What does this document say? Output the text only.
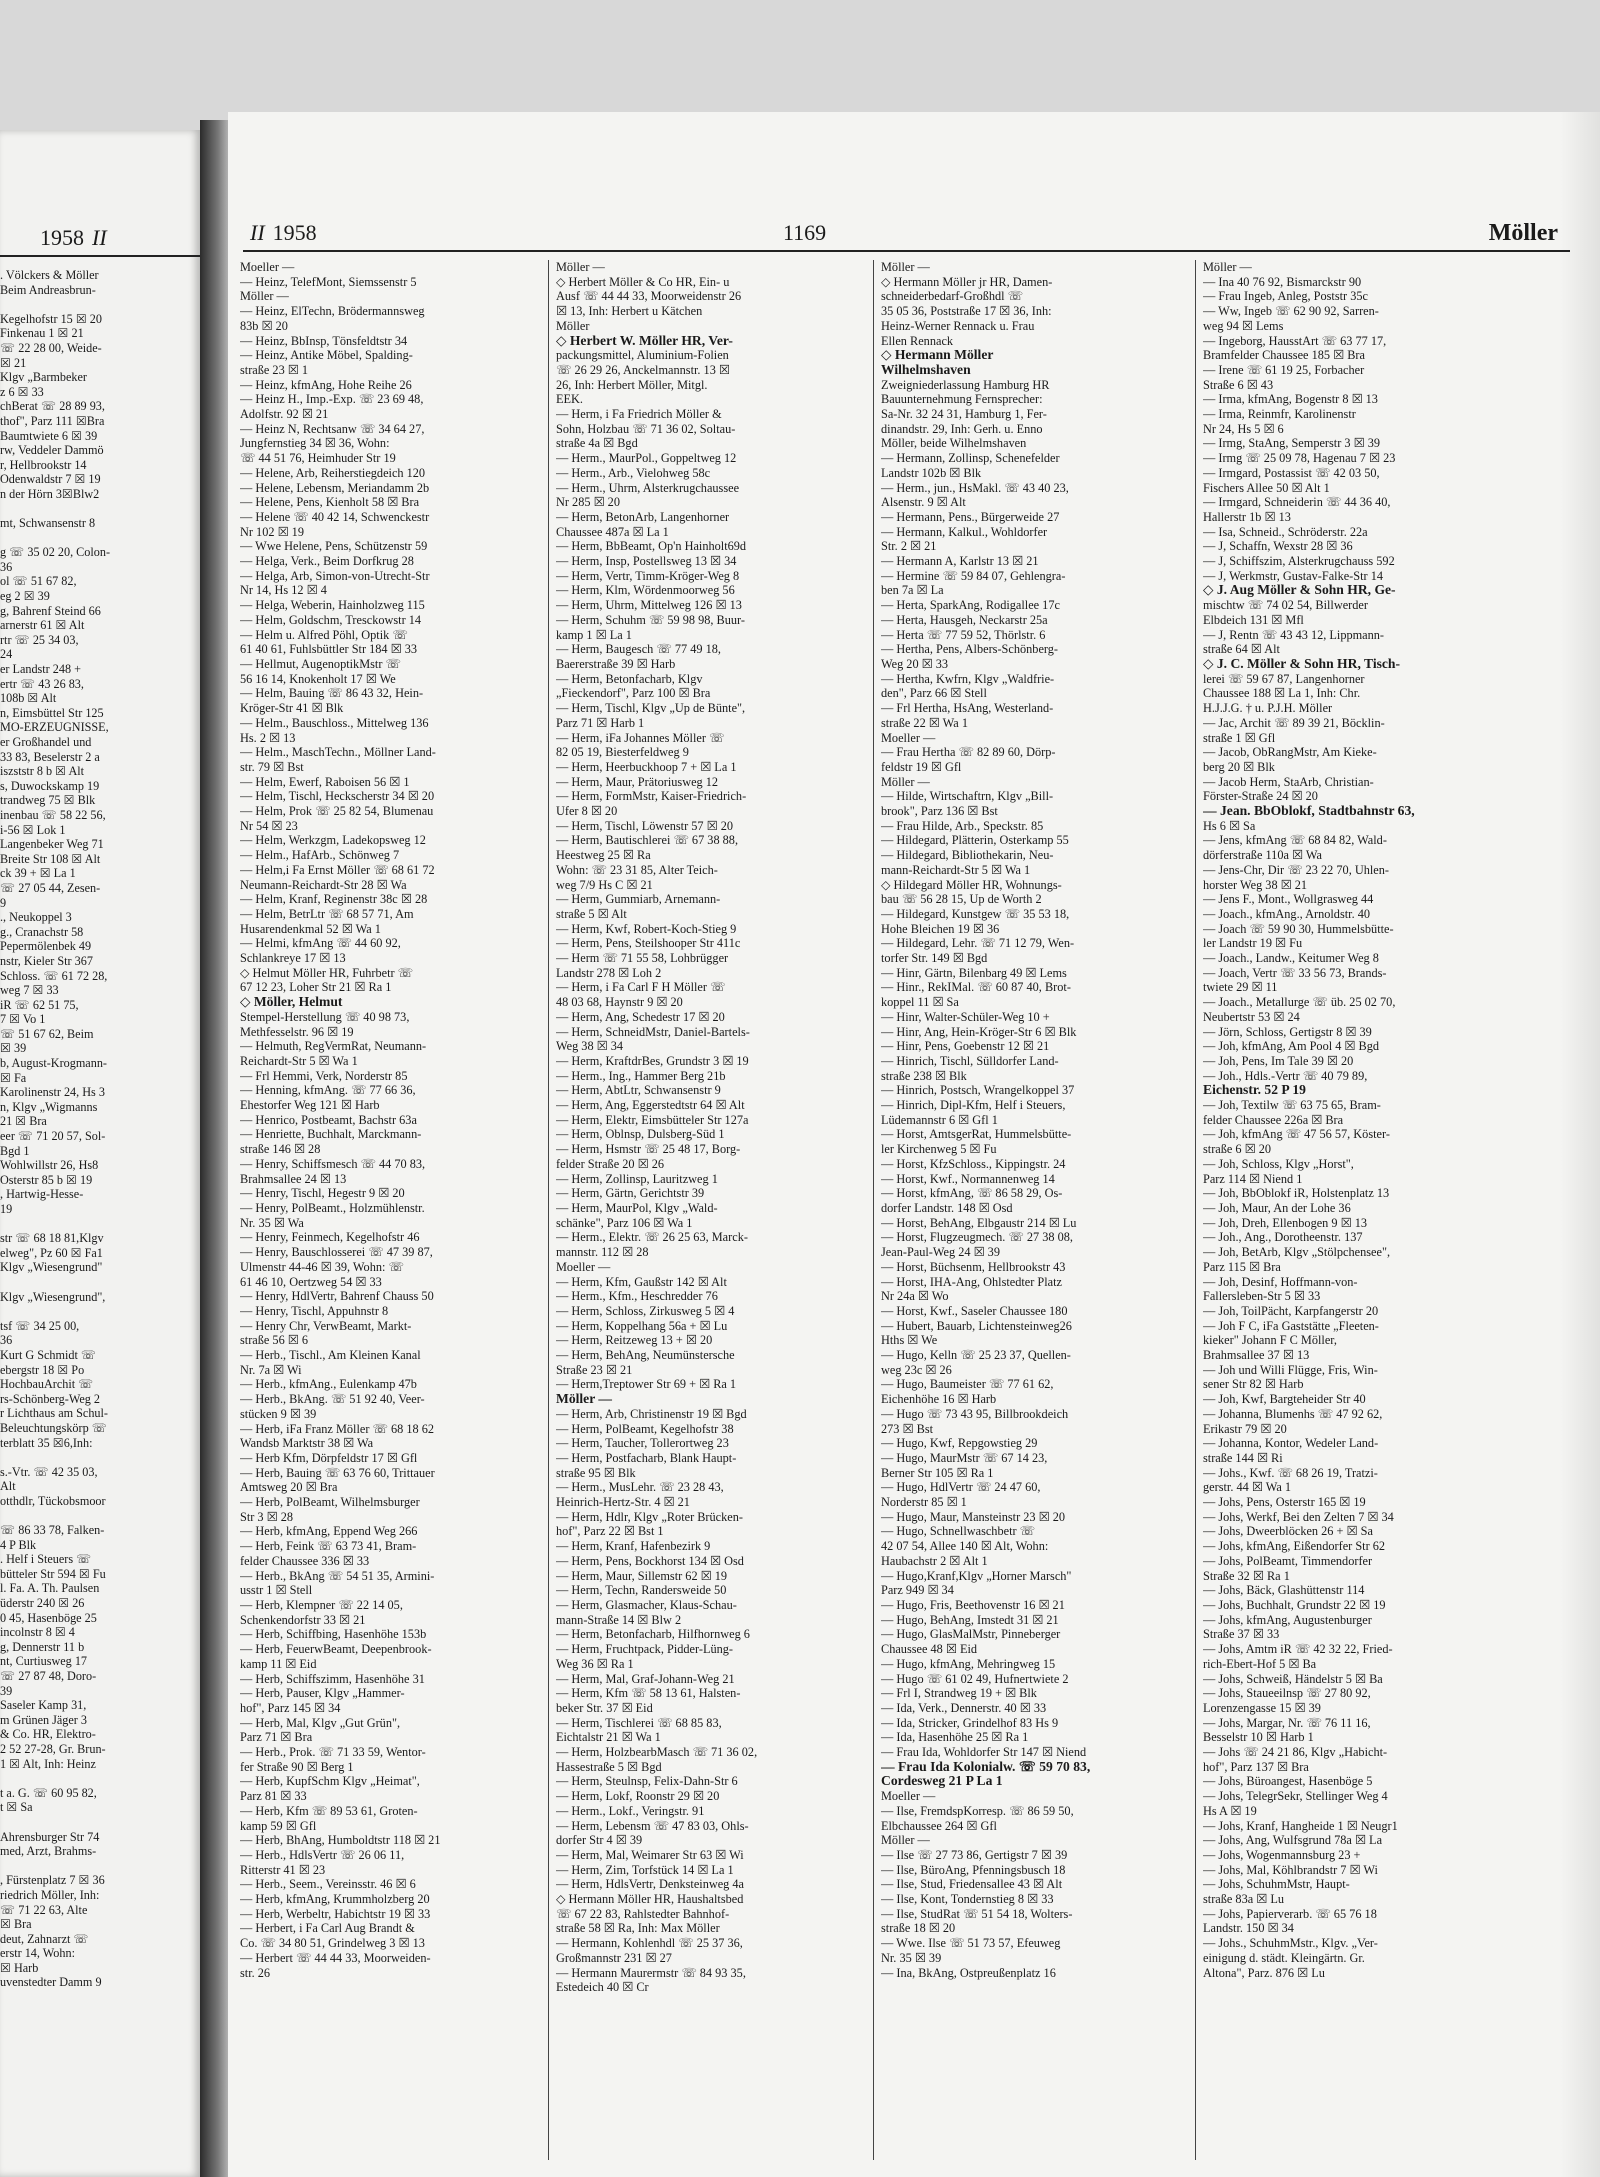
1958 II
. Völckers & Möller
Beim Andreasbrun-

Kegelhofstr 15 ☒ 20
Finkenau 1 ☒ 21
☏ 22 28 00, Weide-
☒ 21
Klgv „Barmbeker
z 6 ☒ 33
chBerat ☏ 28 89 93,
thof", Parz 111 ☒Bra
Baumtwiete 6 ☒ 39
rw, Veddeler Dammö
r, Hellbrookstr 14
Odenwaldstr 7 ☒ 19
n der Hörn 3☒Blw2

mt, Schwansenstr 8

g ☏ 35 02 20, Colon-
36
ol ☏ 51 67 82,
eg 2 ☒ 39
g, Bahrenf Steind 66
arnerstr 61 ☒ Alt
rtr ☏ 25 34 03,
24
er Landstr 248 +
ertr ☏ 43 26 83,
108b ☒ Alt
n, Eimsbüttel Str 125
MO-ERZEUGNISSE,
er Großhandel und
33 83, Beselerstr 2 a
iszststr 8 b ☒ Alt
s, Duwockskamp 19
trandweg 75 ☒ Blk
inenbau ☏ 58 22 56,
i-56 ☒ Lok 1
Langenbeker Weg 71
Breite Str 108 ☒ Alt
ck 39 + ☒ La 1
☏ 27 05 44, Zesen-
9
., Neukoppel 3
g., Cranachstr 58
Pepermölenbek 49
nstr, Kieler Str 367
Schloss. ☏ 61 72 28,
weg 7 ☒ 33
iR ☏ 62 51 75,
7 ☒ Vo 1
☏ 51 67 62, Beim
☒ 39
b, August-Krogmann-
☒ Fa
Karolinenstr 24, Hs 3
n, Klgv „Wigmanns
21 ☒ Bra
eer ☏ 71 20 57, Sol-
Bgd 1
Wohlwillstr 26, Hs8
Osterstr 85 b ☒ 19
, Hartwig-Hesse-
19

str ☏ 68 18 81,Klgv
elweg", Pz 60 ☒ Fa1
Klgv „Wiesengrund"

Klgv „Wiesengrund",

tsf ☏ 34 25 00,
36
Kurt G Schmidt ☏
ebergstr 18 ☒ Po
HochbauArchit ☏
rs-Schönberg-Weg 2
r Lichthaus am Schul-
Beleuchtungskörp ☏
terblatt 35 ☒6,Inh:

s.-Vtr. ☏ 42 35 03,
Alt
otthdlr, Tückobsmoor

☏ 86 33 78, Falken-
4 P Blk
. Helf i Steuers ☏
bütteler Str 594 ☒ Fu
l. Fa. A. Th. Paulsen
üderstr 240 ☒ 26
0 45, Hasenböge 25
incolnstr 8 ☒ 4
g, Dennerstr 11 b
nt, Curtiusweg 17
☏ 27 87 48, Doro-
39
Saseler Kamp 31,
m Grünen Jäger 3
& Co. HR, Elektro-
2 52 27-28, Gr. Brun-
1 ☒ Alt, Inh: Heinz

t a. G. ☏ 60 95 82,
t ☒ Sa

Ahrensburger Str 74
med, Arzt, Brahms-

, Fürstenplatz 7 ☒ 36
riedrich Möller, Inh:
☏ 71 22 63, Alte
☒ Bra
deut, Zahnarzt ☏
erstr 14, Wohn:
☒ Harb
uvenstedter Damm 9
II 1958	1169	Möller
Moeller —
— Heinz, TelefMont, Siemssenstr 5
Möller —
— Heinz, ElTechn, Brödermannsweg
83b ☒ 20
— Heinz, BbInsp, Tönsfeldtstr 34
— Heinz, Antike Möbel, Spalding-
straße 23 ☒ 1
— Heinz, kfmAng, Hohe Reihe 26
— Heinz H., Imp.-Exp. ☏ 23 69 48,
Adolfstr. 92 ☒ 21
— Heinz N, Rechtsanw ☏ 34 64 27,
Jungfernstieg 34 ☒ 36, Wohn:
☏ 44 51 76, Heimhuder Str 19
— Helene, Arb, Reiherstiegdeich 120
— Helene, Lebensm, Meriandamm 2b
— Helene, Pens, Kienholt 58 ☒ Bra
— Helene ☏ 40 42 14, Schwenckestr
Nr 102 ☒ 19
— Wwe Helene, Pens, Schützenstr 59
— Helga, Verk., Beim Dorfkrug 28
— Helga, Arb, Simon-von-Utrecht-Str
Nr 14, Hs 12 ☒ 4
— Helga, Weberin, Hainholzweg 115
— Helm, Goldschm, Tresckowstr 14
— Helm u. Alfred Pöhl, Optik ☏
61 40 61, Fuhlsbüttler Str 184 ☒ 33
— Hellmut, AugenoptikMstr ☏
56 16 14, Knokenholt 17 ☒ We
— Helm, Bauing ☏ 86 43 32, Hein-
Kröger-Str 41 ☒ Blk
— Helm., Bauschloss., Mittelweg 136
Hs. 2 ☒ 13
— Helm., MaschTechn., Möllner Land-
str. 79 ☒ Bst
— Helm, Ewerf, Raboisen 56 ☒ 1
— Helm, Tischl, Heckscherstr 34 ☒ 20
— Helm, Prok ☏ 25 82 54, Blumenau
Nr 54 ☒ 23
— Helm, Werkzgm, Ladekopsweg 12
— Helm., HafArb., Schönweg 7
— Helm,i Fa Ernst Möller ☏ 68 61 72
Neumann-Reichardt-Str 28 ☒ Wa
— Helm, Kranf, Reginenstr 38c ☒ 28
— Helm, BetrLtr ☏ 68 57 71, Am
Husarendenkmal 52 ☒ Wa 1
— Helmi, kfmAng ☏ 44 60 92,
Schlankreye 17 ☒ 13
◇ Helmut Möller HR, Fuhrbetr ☏
67 12 23, Loher Str 21 ☒ Ra 1
◇ Möller, Helmut
Stempel-Herstellung ☏ 40 98 73,
Methfesselstr. 96 ☒ 19
— Helmuth, RegVermRat, Neumann-
Reichardt-Str 5 ☒ Wa 1
— Frl Hemmi, Verk, Norderstr 85
— Henning, kfmAng. ☏ 77 66 36,
Ehestorfer Weg 121 ☒ Harb
— Henrico, Postbeamt, Bachstr 63a
— Henriette, Buchhalt, Marckmann-
straße 146 ☒ 28
— Henry, Schiffsmesch ☏ 44 70 83,
Brahmsallee 24 ☒ 13
— Henry, Tischl, Hegestr 9 ☒ 20
— Henry, PolBeamt., Holzmühlenstr.
Nr. 35 ☒ Wa
— Henry, Feinmech, Kegelhofstr 46
— Henry, Bauschlosserei ☏ 47 39 87,
Ulmenstr 44-46 ☒ 39, Wohn: ☏
61 46 10, Oertzweg 54 ☒ 33
— Henry, HdlVertr, Bahrenf Chauss 50
— Henry, Tischl, Appuhnstr 8
— Henry Chr, VerwBeamt, Markt-
straße 56 ☒ 6
— Herb., Tischl., Am Kleinen Kanal
Nr. 7a ☒ Wi
— Herb., kfmAng., Eulenkamp 47b
— Herb., BkAng. ☏ 51 92 40, Veer-
stücken 9 ☒ 39
— Herb, iFa Franz Möller ☏ 68 18 62
Wandsb Marktstr 38 ☒ Wa
— Herb Kfm, Dörpfeldstr 17 ☒ Gfl
— Herb, Bauing ☏ 63 76 60, Trittauer
Amtsweg 20 ☒ Bra
— Herb, PolBeamt, Wilhelmsburger
Str 3 ☒ 28
— Herb, kfmAng, Eppend Weg 266
— Herb, Feink ☏ 63 73 41, Bram-
felder Chaussee 336 ☒ 33
— Herb., BkAng ☏ 54 51 35, Armini-
usstr 1 ☒ Stell
— Herb, Klempner ☏ 22 14 05,
Schenkendorfstr 33 ☒ 21
— Herb, Schiffbing, Hasenhöhe 153b
— Herb, FeuerwBeamt, Deepenbrook-
kamp 11 ☒ Eid
— Herb, Schiffszimm, Hasenhöhe 31
— Herb, Pauser, Klgv „Hammer-
hof", Parz 145 ☒ 34
— Herb, Mal, Klgv „Gut Grün",
Parz 71 ☒ Bra
— Herb., Prok. ☏ 71 33 59, Wentor-
fer Straße 90 ☒ Berg 1
— Herb, KupfSchm Klgv „Heimat",
Parz 81 ☒ 33
— Herb, Kfm ☏ 89 53 61, Groten-
kamp 59 ☒ Gfl
— Herb, BhAng, Humboldtstr 118 ☒ 21
— Herb., HdlsVertr ☏ 26 06 11,
Ritterstr 41 ☒ 23
— Herb., Seem., Vereinsstr. 46 ☒ 6
— Herb, kfmAng, Krummholzberg 20
— Herb, Werbeltr, Habichtstr 19 ☒ 33
— Herbert, i Fa Carl Aug Brandt &
Co. ☏ 34 80 51, Grindelweg 3 ☒ 13
— Herbert ☏ 44 44 33, Moorweiden-
str. 26
Möller —
◇ Herbert Möller & Co HR, Ein- u
Ausf ☏ 44 44 33, Moorweidenstr 26
☒ 13, Inh: Herbert u Kätchen
Möller
◇ Herbert W. Möller HR, Ver-
packungsmittel, Aluminium-Folien
☏ 26 29 26, Anckelmannstr. 13 ☒
26, Inh: Herbert Möller, Mitgl.
EEK.
— Herm, i Fa Friedrich Möller &
Sohn, Holzbau ☏ 71 36 02, Soltau-
straße 4a ☒ Bgd
— Herm., MaurPol., Goppeltweg 12
— Herm., Arb., Vielohweg 58c
— Herm., Uhrm, Alsterkrugchaussee
Nr 285 ☒ 20
— Herm, BetonArb, Langenhorner
Chaussee 487a ☒ La 1
— Herm, BbBeamt, Op'n Hainholt69d
— Herm, Insp, Postellsweg 13 ☒ 34
— Herm, Vertr, Timm-Kröger-Weg 8
— Herm, Klm, Wördenmoorweg 56
— Herm, Uhrm, Mittelweg 126 ☒ 13
— Herm, Schuhm ☏ 59 98 98, Buur-
kamp 1 ☒ La 1
— Herm, Baugesch ☏ 77 49 18,
Baererstraße 39 ☒ Harb
— Herm, Betonfacharb, Klgv
„Fieckendorf", Parz 100 ☒ Bra
— Herm, Tischl, Klgv „Up de Bünte",
Parz 71 ☒ Harb 1
— Herm, iFa Johannes Möller ☏
82 05 19, Biesterfeldweg 9
— Herm, Heerbuckhoop 7 + ☒ La 1
— Herm, Maur, Prätoriusweg 12
— Herm, FormMstr, Kaiser-Friedrich-
Ufer 8 ☒ 20
— Herm, Tischl, Löwenstr 57 ☒ 20
— Herm, Bautischlerei ☏ 67 38 88,
Heestweg 25 ☒ Ra
Wohn: ☏ 23 31 85, Alter Teich-
weg 7/9 Hs C ☒ 21
— Herm, Gummiarb, Arnemann-
straße 5 ☒ Alt
— Herm, Kwf, Robert-Koch-Stieg 9
— Herm, Pens, Steilshooper Str 411c
— Herm ☏ 71 55 58, Lohbrügger
Landstr 278 ☒ Loh 2
— Herm, i Fa Carl F H Möller ☏
48 03 68, Haynstr 9 ☒ 20
— Herm, Ang, Schedestr 17 ☒ 20
— Herm, SchneidMstr, Daniel-Bartels-
Weg 38 ☒ 34
— Herm, KraftdrBes, Grundstr 3 ☒ 19
— Herm., Ing., Hammer Berg 21b
— Herm, AbtLtr, Schwansenstr 9
— Herm, Ang, Eggerstedtstr 64 ☒ Alt
— Herm, Elektr, Eimsbütteler Str 127a
— Herm, Oblnsp, Dulsberg-Süd 1
— Herm, Hsmstr ☏ 25 48 17, Borg-
felder Straße 20 ☒ 26
— Herm, Zollinsp, Lauritzweg 1
— Herm, Gärtn, Gerichtstr 39
— Herm, MaurPol, Klgv „Wald-
schänke", Parz 106 ☒ Wa 1
— Herm., Elektr. ☏ 26 25 63, Marck-
mannstr. 112 ☒ 28
Moeller —
— Herm, Kfm, Gaußstr 142 ☒ Alt
— Herm., Kfm., Heschredder 76
— Herm, Schloss, Zirkusweg 5 ☒ 4
— Herm, Koppelhang 56a + ☒ Lu
— Herm, Reitzeweg 13 + ☒ 20
— Herm, BehAng, Neumünstersche
Straße 23 ☒ 21
— Herm,Treptower Str 69 + ☒ Ra 1
Möller —
— Herm, Arb, Christinenstr 19 ☒ Bgd
— Herm, PolBeamt, Kegelhofstr 38
— Herm, Taucher, Tollerortweg 23
— Herm, Postfacharb, Blank Haupt-
straße 95 ☒ Blk
— Herm., MusLehr. ☏ 23 28 43,
Heinrich-Hertz-Str. 4 ☒ 21
— Herm, Hdlr, Klgv „Roter Brücken-
hof", Parz 22 ☒ Bst 1
— Herm, Kranf, Hafenbezirk 9
— Herm, Pens, Bockhorst 134 ☒ Osd
— Herm, Maur, Sillemstr 62 ☒ 19
— Herm, Techn, Randersweide 50
— Herm, Glasmacher, Klaus-Schau-
mann-Straße 14 ☒ Blw 2
— Herm, Betonfacharb, Hilfhornweg 6
— Herm, Fruchtpack, Pidder-Lüng-
Weg 36 ☒ Ra 1
— Herm, Mal, Graf-Johann-Weg 21
— Herm, Kfm ☏ 58 13 61, Halsten-
beker Str. 37 ☒ Eid
— Herm, Tischlerei ☏ 68 85 83,
Eichtalstr 21 ☒ Wa 1
— Herm, HolzbearbMasch ☏ 71 36 02,
Hassestraße 5 ☒ Bgd
— Herm, Steulnsp, Felix-Dahn-Str 6
— Herm, Lokf, Roonstr 29 ☒ 20
— Herm., Lokf., Veringstr. 91
— Herm, Lebensm ☏ 47 83 03, Ohls-
dorfer Str 4 ☒ 39
— Herm, Mal, Weimarer Str 63 ☒ Wi
— Herm, Zim, Torfstück 14 ☒ La 1
— Herm, HdlsVertr, Denksteinweg 4a
◇ Hermann Möller HR, Haushaltsbed
☏ 67 22 83, Rahlstedter Bahnhof-
straße 58 ☒ Ra, Inh: Max Möller
— Hermann, Kohlenhdl ☏ 25 37 36,
Großmannstr 231 ☒ 27
— Hermann Maurermstr ☏ 84 93 35,
Estedeich 40 ☒ Cr
Möller —
◇ Hermann Möller jr HR, Damen-
schneiderbedarf-Großhdl ☏
35 05 36, Poststraße 17 ☒ 36, Inh:
Heinz-Werner Rennack u. Frau
Ellen Rennack
◇ Hermann Möller
Wilhelmshaven
Zweigniederlassung Hamburg HR
Bauunternehmung Fernsprecher:
Sa-Nr. 32 24 31, Hamburg 1, Fer-
dinandstr. 29, Inh: Gerh. u. Enno
Möller, beide Wilhelmshaven
— Hermann, Zollinsp, Schenefelder
Landstr 102b ☒ Blk
— Herm., jun., HsMakl. ☏ 43 40 23,
Alsenstr. 9 ☒ Alt
— Hermann, Pens., Bürgerweide 27
— Hermann, Kalkul., Wohldorfer
Str. 2 ☒ 21
— Hermann A, Karlstr 13 ☒ 21
— Hermine ☏ 59 84 07, Gehlengra-
ben 7a ☒ La
— Herta, SparkAng, Rodigallee 17c
— Herta, Hausgeh, Neckarstr 25a
— Herta ☏ 77 59 52, Thörlstr. 6
— Hertha, Pens, Albers-Schönberg-
Weg 20 ☒ 33
— Hertha, Kwfrn, Klgv „Waldfrie-
den", Parz 66 ☒ Stell
— Frl Hertha, HsAng, Westerland-
straße 22 ☒ Wa 1
Moeller —
— Frau Hertha ☏ 82 89 60, Dörp-
feldstr 19 ☒ Gfl
Möller —
— Hilde, Wirtschaftrn, Klgv „Bill-
brook", Parz 136 ☒ Bst
— Frau Hilde, Arb., Speckstr. 85
— Hildegard, Plätterin, Osterkamp 55
— Hildegard, Bibliothekarin, Neu-
mann-Reichardt-Str 5 ☒ Wa 1
◇ Hildegard Möller HR, Wohnungs-
bau ☏ 56 28 15, Up de Worth 2
— Hildegard, Kunstgew ☏ 35 53 18,
Hohe Bleichen 19 ☒ 36
— Hildegard, Lehr. ☏ 71 12 79, Wen-
torfer Str. 149 ☒ Bgd
— Hinr, Gärtn, Bilenbarg 49 ☒ Lems
— Hinr., RekIMal. ☏ 60 87 40, Brot-
koppel 11 ☒ Sa
— Hinr, Walter-Schüler-Weg 10 +
— Hinr, Ang, Hein-Kröger-Str 6 ☒ Blk
— Hinr, Pens, Goebenstr 12 ☒ 21
— Hinrich, Tischl, Sülldorfer Land-
straße 238 ☒ Blk
— Hinrich, Postsch, Wrangelkoppel 37
— Hinrich, Dipl-Kfm, Helf i Steuers,
Lüdemannstr 6 ☒ Gfl 1
— Horst, AmtsgerRat, Hummelsbütte-
ler Kirchenweg 5 ☒ Fu
— Horst, KfzSchloss., Kippingstr. 24
— Horst, Kwf., Normannenweg 14
— Horst, kfmAng, ☏ 86 58 29, Os-
dorfer Landstr. 148 ☒ Osd
— Horst, BehAng, Elbgaustr 214 ☒ Lu
— Horst, Flugzeugmech. ☏ 27 38 08,
Jean-Paul-Weg 24 ☒ 39
— Horst, Büchsenm, Hellbrookstr 43
— Horst, IHA-Ang, Ohlstedter Platz
Nr 24a ☒ Wo
— Horst, Kwf., Saseler Chaussee 180
— Hubert, Bauarb, Lichtensteinweg26
Hths ☒ We
— Hugo, Kelln ☏ 25 23 37, Quellen-
weg 23c ☒ 26
— Hugo, Baumeister ☏ 77 61 62,
Eichenhöhe 16 ☒ Harb
— Hugo ☏ 73 43 95, Billbrookdeich
273 ☒ Bst
— Hugo, Kwf, Repgowstieg 29
— Hugo, MaurMstr ☏ 67 14 23,
Berner Str 105 ☒ Ra 1
— Hugo, HdlVertr ☏ 24 47 60,
Norderstr 85 ☒ 1
— Hugo, Maur, Mansteinstr 23 ☒ 20
— Hugo, Schnellwaschbetr ☏
42 07 54, Allee 140 ☒ Alt, Wohn:
Haubachstr 2 ☒ Alt 1
— Hugo,Kranf,Klgv „Horner Marsch"
Parz 949 ☒ 34
— Hugo, Fris, Beethovenstr 16 ☒ 21
— Hugo, BehAng, Imstedt 31 ☒ 21
— Hugo, GlasMalMstr, Pinneberger
Chaussee 48 ☒ Eid
— Hugo, kfmAng, Mehringweg 15
— Hugo ☏ 61 02 49, Hufnertwiete 2
— Frl I, Strandweg 19 + ☒ Blk
— Ida, Verk., Dennerstr. 40 ☒ 33
— Ida, Stricker, Grindelhof 83 Hs 9
— Ida, Hasenhöhe 25 ☒ Ra 1
— Frau Ida, Wohldorfer Str 147 ☒ Niend
— Frau Ida Kolonialw. ☏ 59 70 83,
Cordesweg 21 P La 1
Moeller —
— Ilse, FremdspKorresp. ☏ 86 59 50,
Elbchaussee 264 ☒ Gfl
Möller —
— Ilse ☏ 27 73 86, Gertigstr 7 ☒ 39
— Ilse, BüroAng, Pfenningsbusch 18
— Ilse, Stud, Friedensallee 43 ☒ Alt
— Ilse, Kont, Tondernstieg 8 ☒ 33
— Ilse, StudRat ☏ 51 54 18, Wolters-
straße 18 ☒ 20
— Wwe. Ilse ☏ 51 73 57, Efeuweg
Nr. 35 ☒ 39
— Ina, BkAng, Ostpreußenplatz 16
Möller —
— Ina 40 76 92, Bismarckstr 90
— Frau Ingeb, Anleg, Poststr 35c
— Ww, Ingeb ☏ 62 90 92, Sarren-
weg 94 ☒ Lems
— Ingeborg, HausstArt ☏ 63 77 17,
Bramfelder Chaussee 185 ☒ Bra
— Irene ☏ 61 19 25, Forbacher
Straße 6 ☒ 43
— Irma, kfmAng, Bogenstr 8 ☒ 13
— Irma, Reinmfr, Karolinenstr
Nr 24, Hs 5 ☒ 6
— Irmg, StaAng, Semperstr 3 ☒ 39
— Irmg ☏ 25 09 78, Hagenau 7 ☒ 23
— Irmgard, Postassist ☏ 42 03 50,
Fischers Allee 50 ☒ Alt 1
— Irmgard, Schneiderin ☏ 44 36 40,
Hallerstr 1b ☒ 13
— Isa, Schneid., Schröderstr. 22a
— J, Schaffn, Wexstr 28 ☒ 36
— J, Schiffszim, Alsterkrugchauss 592
— J, Werkmstr, Gustav-Falke-Str 14
◇ J. Aug Möller & Sohn HR, Ge-
mischtw ☏ 74 02 54, Billwerder
Elbdeich 131 ☒ Mfl
— J, Rentn ☏ 43 43 12, Lippmann-
straße 64 ☒ Alt
◇ J. C. Möller & Sohn HR, Tisch-
lerei ☏ 59 67 87, Langenhorner
Chaussee 188 ☒ La 1, Inh: Chr.
H.J.J.G. † u. P.J.H. Möller
— Jac, Archit ☏ 89 39 21, Böcklin-
straße 1 ☒ Gfl
— Jacob, ObRangMstr, Am Kieke-
berg 20 ☒ Blk
— Jacob Herm, StaArb, Christian-
Förster-Straße 24 ☒ 20
— Jean. BbOblokf, Stadtbahnstr 63,
Hs 6 ☒ Sa
— Jens, kfmAng ☏ 68 84 82, Wald-
dörferstraße 110a ☒ Wa
— Jens-Chr, Dir ☏ 23 22 70, Uhlen-
horster Weg 38 ☒ 21
— Jens F., Mont., Wollgrasweg 44
— Joach., kfmAng., Arnoldstr. 40
— Joach ☏ 59 90 30, Hummelsbütte-
ler Landstr 19 ☒ Fu
— Joach., Landw., Keitumer Weg 8
— Joach, Vertr ☏ 33 56 73, Brands-
twiete 29 ☒ 11
— Joach., Metallurge ☏ üb. 25 02 70,
Neubertstr 53 ☒ 24
— Jörn, Schloss, Gertigstr 8 ☒ 39
— Joh, kfmAng, Am Pool 4 ☒ Bgd
— Joh, Pens, Im Tale 39 ☒ 20
— Joh., Hdls.-Vertr ☏ 40 79 89,
Eichenstr. 52 P 19
— Joh, Textilw ☏ 63 75 65, Bram-
felder Chaussee 226a ☒ Bra
— Joh, kfmAng ☏ 47 56 57, Köster-
straße 6 ☒ 20
— Joh, Schloss, Klgv „Horst",
Parz 114 ☒ Niend 1
— Joh, BbOblokf iR, Holstenplatz 13
— Joh, Maur, An der Lohe 36
— Joh, Dreh, Ellenbogen 9 ☒ 13
— Joh., Ang., Dorotheenstr. 137
— Joh, BetArb, Klgv „Stölpchensee",
Parz 115 ☒ Bra
— Joh, Desinf, Hoffmann-von-
Fallersleben-Str 5 ☒ 33
— Joh, ToilPächt, Karpfangerstr 20
— Joh F C, iFa Gaststätte „Fleeten-
kieker" Johann F C Möller,
Brahmsallee 37 ☒ 13
— Joh und Willi Flügge, Fris, Win-
sener Str 82 ☒ Harb
— Joh, Kwf, Bargteheider Str 40
— Johanna, Blumenhs ☏ 47 92 62,
Erikastr 79 ☒ 20
— Johanna, Kontor, Wedeler Land-
straße 144 ☒ Ri
— Johs., Kwf. ☏ 68 26 19, Tratzi-
gerstr. 44 ☒ Wa 1
— Johs, Pens, Osterstr 165 ☒ 19
— Johs, Werkf, Bei den Zelten 7 ☒ 34
— Johs, Dweerblöcken 26 + ☒ Sa
— Johs, kfmAng, Eißendorfer Str 62
— Johs, PolBeamt, Timmendorfer
Straße 32 ☒ Ra 1
— Johs, Bäck, Glashüttenstr 114
— Johs, Buchhalt, Grundstr 22 ☒ 19
— Johs, kfmAng, Augustenburger
Straße 37 ☒ 33
— Johs, Amtm iR ☏ 42 32 22, Fried-
rich-Ebert-Hof 5 ☒ Ba
— Johs, Schweiß, Händelstr 5 ☒ Ba
— Johs, Staueeilnsp ☏ 27 80 92,
Lorenzengasse 15 ☒ 39
— Johs, Margar, Nr. ☏ 76 11 16,
Besselstr 10 ☒ Harb 1
— Johs ☏ 24 21 86, Klgv „Habicht-
hof", Parz 137 ☒ Bra
— Johs, Büroangest, Hasenböge 5
— Johs, TelegrSekr, Stellinger Weg 4
Hs A ☒ 19
— Johs, Kranf, Hangheide 1 ☒ Neugr1
— Johs, Ang, Wulfsgrund 78a ☒ La
— Johs, Wogenmannsburg 23 +
— Johs, Mal, Köhlbrandstr 7 ☒ Wi
— Johs, SchuhmMstr, Haupt-
straße 83a ☒ Lu
— Johs, Papierverarb. ☏ 65 76 18
Landstr. 150 ☒ 34
— Johs., SchuhmMstr., Klgv. „Ver-
einigung d. städt. Kleingärtn. Gr.
Altona", Parz. 876 ☒ Lu
